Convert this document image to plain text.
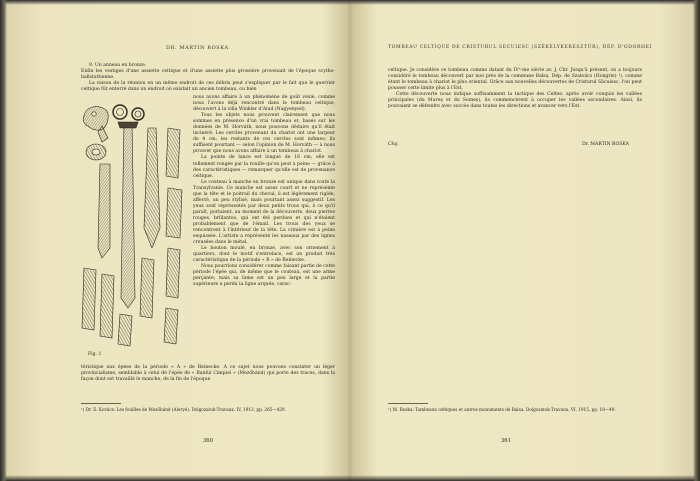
DR. MARTIN ROSKA

9. Un anneau en bronze.

Enfin les vestiges d'une assiette celtique et d'une assiette plus grossière provenant de l'époque scytho-hallstattienne.

La raison de la réunion en un même endroit de ces débris peut s'expliquer par le fait que le guerrier celtique fût enterré dans un endroit où existait un ancien tombeau, ou bien

Fig. 1

nous avons affaire à un phénomène de goût vexié, comme nous l'avons déjà rencontré dans le tombeau celtique, découvert à la villa Winkler d'Aiud (Nagyenyed).

Tous les objets nous prouvent clairement que nous sommes en présence d'un vrai tombeau et, basés sur les données de M. Horváth, nous pouvons déduire qu'il était incinéré. Les cercles provenant du chariot ont une largeur de 4 cm; les restants de ces cercles sont infimes; ils suffisent pourtant — selon l'opinion de M. Horváth — à nous prouver que nous avons affaire à un tombeau à chariot.

La pointe de lance est longue de 16 cm; elle est tellement rongée par la rouille qu'on peut à peine — grâce à des caractéristiques — remarquer qu'elle est de provenance celtique.

Le couteau à manche en bronze est unique dans toute la Transylvanie. Ce manche est assez court et ne représente que la tête et le poitrail du cheval; il est légèrement rigide, affecté, un peu stylisé, mais pourtant assez suggestif. Les yeux sont représentés par deux petits trous qui, à ce qu'il paraît, portaient, au moment de la découverte, deux pierres rouges, brillantes, qui ont été perdues et qui n'étaient probablement que de l'émail. Les trous des yeux se rencontrent à l'intérieur de la tête. La crinière est à peine esquissée. L'artiste a représenté les naseaux par des lignes creusées dans le métal.

Le bouton moulé, en bronze, avec son ornement à quartiers, dont le motif s'entrelace, est un produit très caractéristique de la période « B » de Reinecke.

Nous pourrions considérer comme faisant partie de cette période l'épée qui, de même que le couteau, est une arme perçante; mais sa lame est un peu large et la partie supérieure a perdu la ligne arquée, carac-

téristique aux épées de la période « A » de Reinecke. A ce sujet nous pouvons constater un léger provincialisme, semblable à celui de l'épée de « Banful Cimpiei » (Mezőbánd) qui porte des traces, dans la façon dont est travaillé le manche, de la fin de l'époque

¹) Dr. E. Kovács: Les fouilles de Mezőbánd (Aleryé). Dolgozatok-Travaux. IV, 1913, pp. 265—429.
360
TOMBEAU CELTIQUE DE CRISTURUL SECUIESC (SZÉKELYKERESZTÚR), DÉP. D'ODORHEI

celtique. Je considère ce tombeau comme datant du IVᵉ-me siècle av. J. Chr. Jusqu'à présent, on a toujours considéré le tombeau découvert par moi près de la commune Balsa, Dép. de Szabolcs (Hongrie) ¹), comme étant le tombeau à chariot le plus oriental. Grâce aux nouvelles découvertes de Cristurul Săcuiesc, l'on peut pousser cette limite plus à l'Est.

Cette découverte nous indique suffisamment la tactique des Celtes: après avoir conquis les vallées principales (du Mureș et du Someș), ils commencèrent à occuper les vallées secondaires. Ainsi, ils pouvaient se défendre avec succès dans toutes les directions et avancer vers l'Est.

Cluj.	Dr. MARTIN ROSKA
¹) M. Roska: Tombeaux celtiques et autres monuments de Balsa. Dolgozatok-Travaux, VI, 1915, pp. 18—49.
361
